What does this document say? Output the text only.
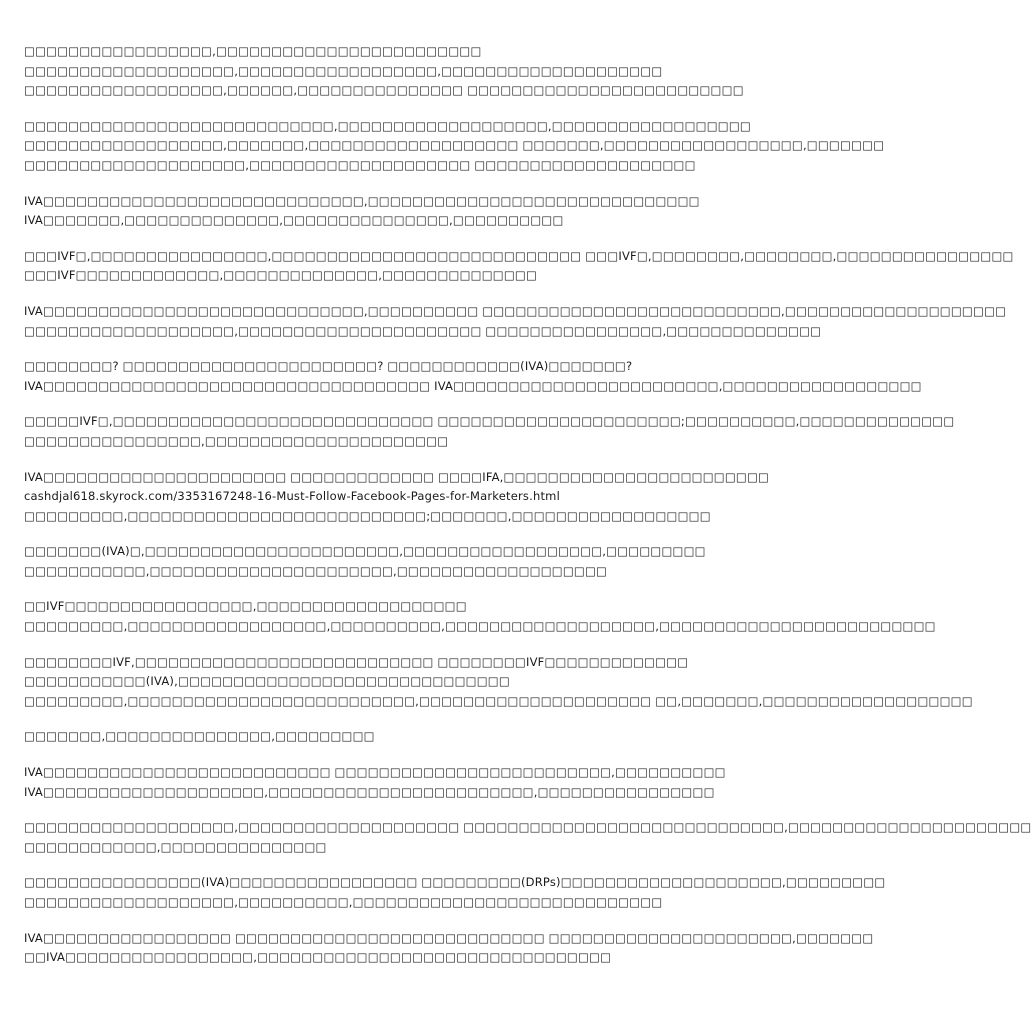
□□□□□□□□□□□□□□□□□,□□□□□□□□□□□□□□□□□□□□□□□□
□□□□□□□□□□□□□□□□□□□,□□□□□□□□□□□□□□□□□□,□□□□□□□□□□□□□□□□□□□□
□□□□□□□□□□□□□□□□□□,□□□□□□,□□□□□□□□□□□□□□□ □□□□□□□□□□□□□□□□□□□□□□□□□
□□□□□□□□□□□□□□□□□□□□□□□□□□□□,□□□□□□□□□□□□□□□□□□□,□□□□□□□□□□□□□□□□□□
□□□□□□□□□□□□□□□□□□,□□□□□□□,□□□□□□□□□□□□□□□□□□□ □□□□□□□,□□□□□□□□□□□□□□□□□□,□□□□□□□
□□□□□□□□□□□□□□□□□□□□,□□□□□□□□□□□□□□□□□□□□ □□□□□□□□□□□□□□□□□□□□
IVA□□□□□□□□□□□□□□□□□□□□□□□□□□□□□,□□□□□□□□□□□□□□□□□□□□□□□□□□□□□□
IVA□□□□□□□,□□□□□□□□□□□□□□,□□□□□□□□□□□□□□□,□□□□□□□□□□
□□□IVF□,□□□□□□□□□□□□□□□□,□□□□□□□□□□□□□□□□□□□□□□□□□□□□ □□□IVF□,□□□□□□□□,□□□□□□□□,□□□□□□□□□□□□□□□□
□□□IVF□□□□□□□□□□□□□,□□□□□□□□□□□□□□,□□□□□□□□□□□□□□
IVA□□□□□□□□□□□□□□□□□□□□□□□□□□□□□,□□□□□□□□□□ □□□□□□□□□□□□□□□□□□□□□□□□□□□,□□□□□□□□□□□□□□□□□□□□
□□□□□□□□□□□□□□□□□□□,□□□□□□□□□□□□□□□□□□□□□□ □□□□□□□□□□□□□□□□,□□□□□□□□□□□□□□
□□□□□□□□? □□□□□□□□□□□□□□□□□□□□□□□? □□□□□□□□□□□□(IVA)□□□□□□□?
IVA□□□□□□□□□□□□□□□□□□□□□□□□□□□□□□□□□□□ IVA□□□□□□□□□□□□□□□□□□□□□□□□,□□□□□□□□□□□□□□□□□□
□□□□□IVF□,□□□□□□□□□□□□□□□□□□□□□□□□□□□□□ □□□□□□□□□□□□□□□□□□□□□□;□□□□□□□□□□,□□□□□□□□□□□□□□
□□□□□□□□□□□□□□□□,□□□□□□□□□□□□□□□□□□□□□□
IVA□□□□□□□□□□□□□□□□□□□□□□ □□□□□□□□□□□□□ □□□□IFA,□□□□□□□□□□□□□□□□□□□□□□□□
cashdjal618.skyrock.com/3353167248-16-Must-Follow-Facebook-Pages-for-Marketers.html
□□□□□□□□□,□□□□□□□□□□□□□□□□□□□□□□□□□□□;□□□□□□□,□□□□□□□□□□□□□□□□□□
□□□□□□□(IVA)□,□□□□□□□□□□□□□□□□□□□□□□□,□□□□□□□□□□□□□□□□□□,□□□□□□□□□
□□□□□□□□□□□,□□□□□□□□□□□□□□□□□□□□□□,□□□□□□□□□□□□□□□□□□□
□□IVF□□□□□□□□□□□□□□□□□,□□□□□□□□□□□□□□□□□□□
□□□□□□□□□,□□□□□□□□□□□□□□□□□□,□□□□□□□□□□,□□□□□□□□□□□□□□□□□□□,□□□□□□□□□□□□□□□□□□□□□□□□□
□□□□□□□□IVF,□□□□□□□□□□□□□□□□□□□□□□□□□□□ □□□□□□□□IVF□□□□□□□□□□□□□
□□□□□□□□□□□(IVA),□□□□□□□□□□□□□□□□□□□□□□□□□□□□□□
□□□□□□□□□,□□□□□□□□□□□□□□□□□□□□□□□□□□,□□□□□□□□□□□□□□□□□□□□□ □□,□□□□□□□,□□□□□□□□□□□□□□□□□□□
□□□□□□□,□□□□□□□□□□□□□□□,□□□□□□□□□
IVA□□□□□□□□□□□□□□□□□□□□□□□□□□ □□□□□□□□□□□□□□□□□□□□□□□□□,□□□□□□□□□□
IVA□□□□□□□□□□□□□□□□□□□□,□□□□□□□□□□□□□□□□□□□□□□□□,□□□□□□□□□□□□□□□□
□□□□□□□□□□□□□□□□□□□,□□□□□□□□□□□□□□□□□□□□ □□□□□□□□□□□□□□□□□□□□□□□□□□□□□,□□□□□□□□□□□□□□□□□□□□□□
□□□□□□□□□□□□,□□□□□□□□□□□□□□□
□□□□□□□□□□□□□□□□(IVA)□□□□□□□□□□□□□□□□□ □□□□□□□□□(DRPs)□□□□□□□□□□□□□□□□□□□□,□□□□□□□□□
□□□□□□□□□□□□□□□□□□□,□□□□□□□□□□,□□□□□□□□□□□□□□□□□□□□□□□□□□□□
IVA□□□□□□□□□□□□□□□□□ □□□□□□□□□□□□□□□□□□□□□□□□□□□□ □□□□□□□□□□□□□□□□□□□□□□,□□□□□□□
□□IVA□□□□□□□□□□□□□□□□□,□□□□□□□□□□□□□□□□□□□□□□□□□□□□□□□□
